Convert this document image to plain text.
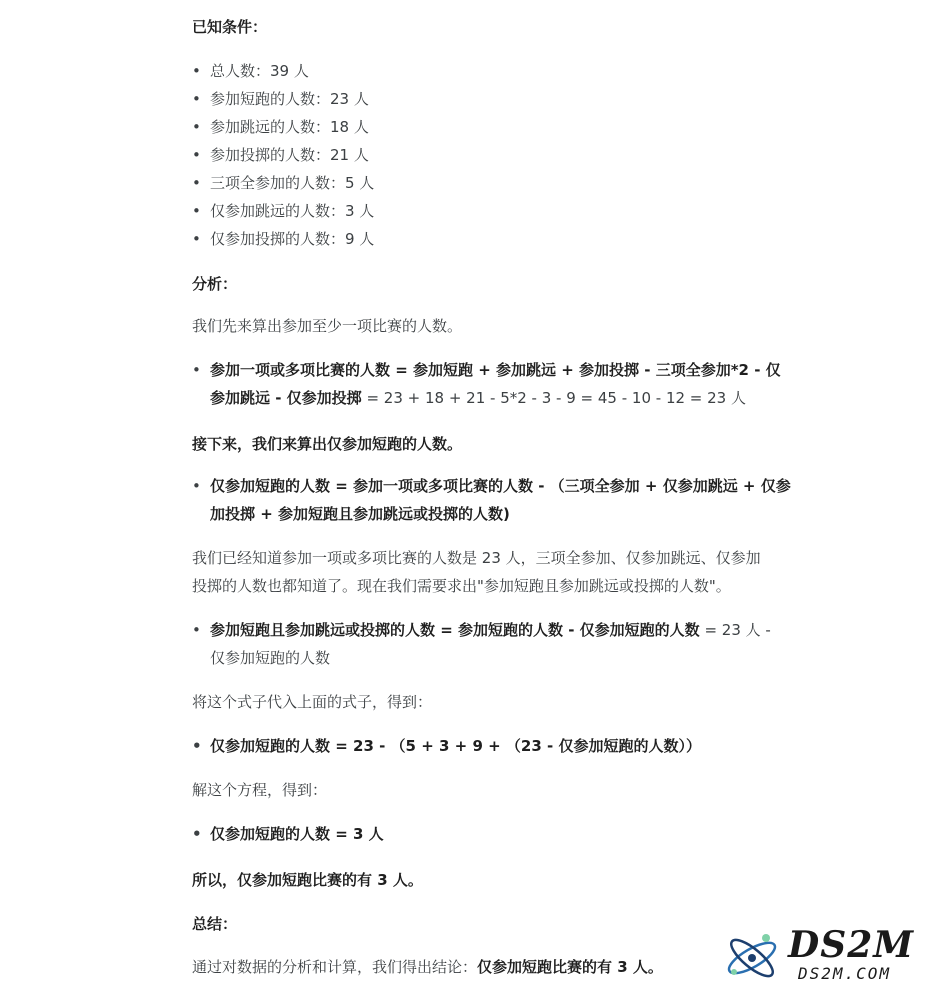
已知条件：
• 总人数：39 人
• 参加短跑的人数：23 人
• 参加跳远的人数：18 人
• 参加投掷的人数：21 人
• 三项全参加的人数：5 人
• 仅参加跳远的人数：3 人
• 仅参加投掷的人数：9 人
分析：
我们先来算出参加至少一项比赛的人数。
• 参加一项或多项比赛的人数 = 参加短跑 + 参加跳远 + 参加投掷 - 三项全参加*2 - 仅
参加跳远 - 仅参加投掷 = 23 + 18 + 21 - 5*2 - 3 - 9 = 45 - 10 - 12 = 23 人
接下来，我们来算出仅参加短跑的人数。
• 仅参加短跑的人数 = 参加一项或多项比赛的人数 - （三项全参加 + 仅参加跳远 + 仅参
加投掷 + 参加短跑且参加跳远或投掷的人数)
我们已经知道参加一项或多项比赛的人数是 23 人，三项全参加、仅参加跳远、仅参加
投掷的人数也都知道了。现在我们需要求出"参加短跑且参加跳远或投掷的人数"。
• 参加短跑且参加跳远或投掷的人数 = 参加短跑的人数 - 仅参加短跑的人数 = 23 人 -
仅参加短跑的人数
将这个式子代入上面的式子，得到：
• 仅参加短跑的人数 = 23 - （5 + 3 + 9 + （23 - 仅参加短跑的人数））
解这个方程，得到：
• 仅参加短跑的人数 = 3 人
所以，仅参加短跑比赛的有 3 人。
总结：
通过对数据的分析和计算，我们得出结论：仅参加短跑比赛的有 3 人。
DS2M
DS2M.COM
